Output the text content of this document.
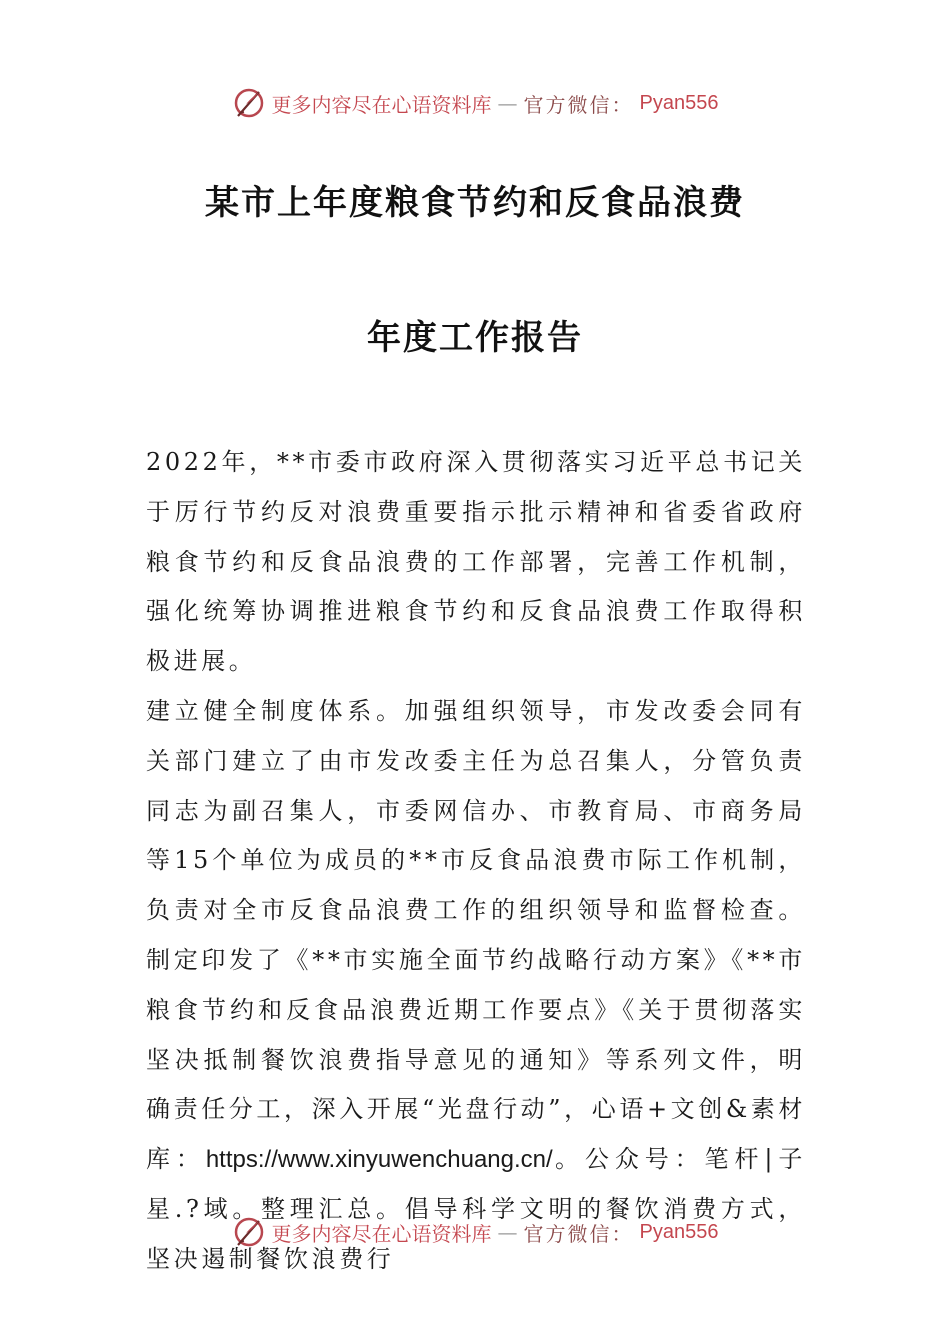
更多内容尽在心语资料库 — 官方微信： Pyan556
某市上年度粮食节约和反食品浪费
年度工作报告

2022年，**市委市政府深入贯彻落实习近平总书记关于厉行节约反对浪费重要指示批示精神和省委省政府粮食节约和反食品浪费的工作部署，完善工作机制，强化统筹协调推进粮食节约和反食品浪费工作取得积极进展。

建立健全制度体系。加强组织领导，市发改委会同有关部门建立了由市发改委主任为总召集人，分管负责同志为副召集人，市委网信办、市教育局、市商务局等15个单位为成员的**市反食品浪费市际工作机制，负责对全市反食品浪费工作的组织领导和监督检查。制定印发了《**市实施全面节约战略行动方案》《**市粮食节约和反食品浪费近期工作要点》《关于贯彻落实坚决抵制餐饮浪费指导意见的通知》等系列文件，明确责任分工，深入开展“光盘行动”，心语+文创&素材库：https://www.xinyuwenchuang.cn/。公众号：笔杆|子星.?域。整理汇总。倡导科学文明的餐饮消费方式，坚决遏制餐饮浪费行

更多内容尽在心语资料库 — 官方微信： Pyan556
